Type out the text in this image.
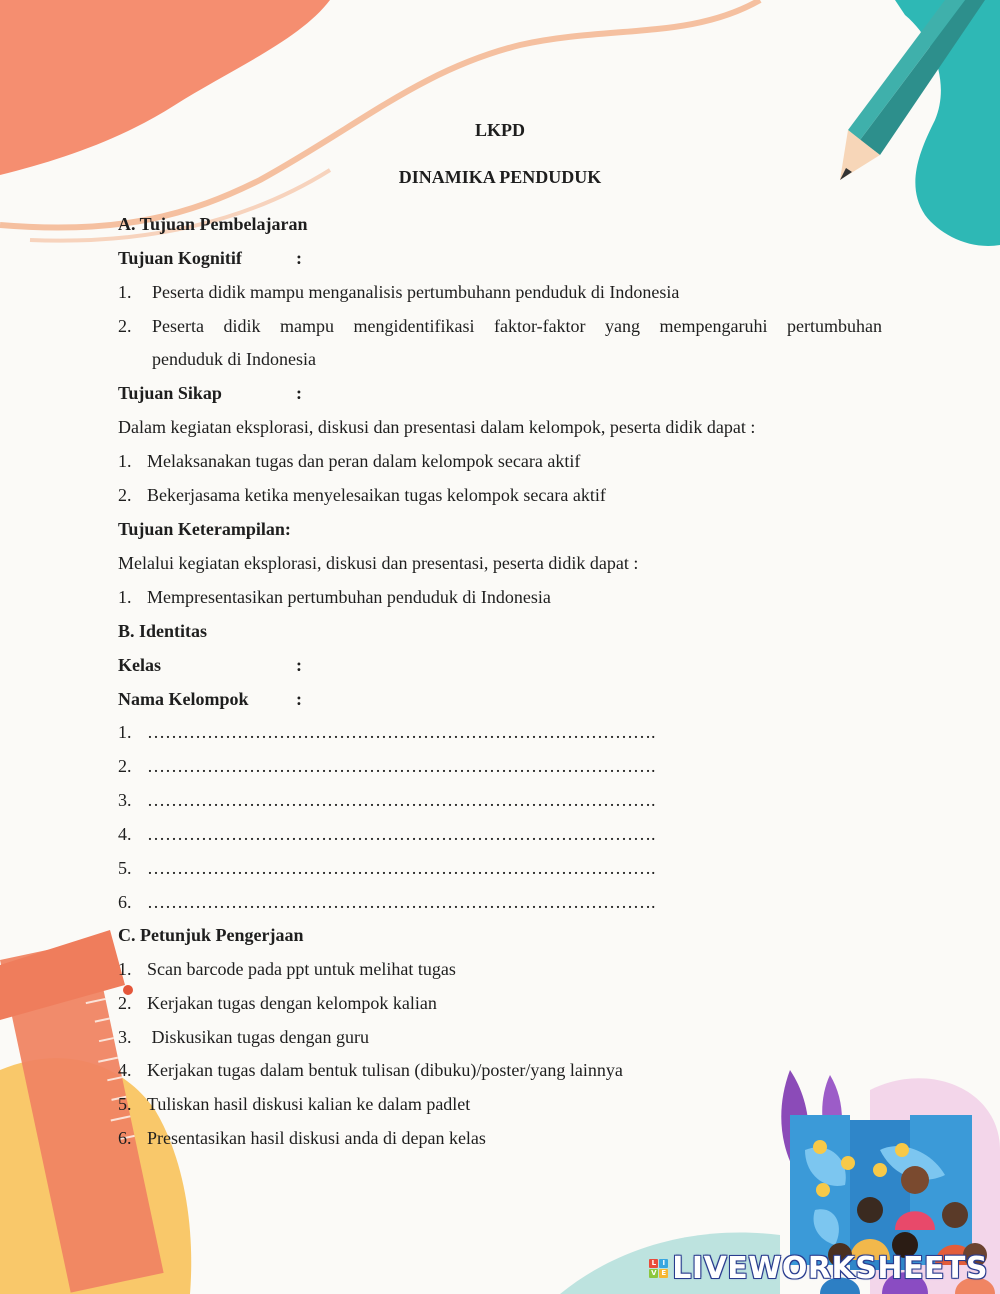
LKPD
DINAMIKA PENDUDUK
A. Tujuan Pembelajaran
Tujuan Kognitif	:
1. Peserta didik mampu menganalisis pertumbuhann penduduk di Indonesia
2. Peserta didik mampu mengidentifikasi faktor-faktor yang mempengaruhi pertumbuhan
penduduk di Indonesia
Tujuan Sikap	:
Dalam kegiatan eksplorasi, diskusi dan presentasi dalam kelompok, peserta didik dapat :
1. Melaksanakan tugas dan peran dalam kelompok secara aktif
2. Bekerjasama ketika menyelesaikan tugas kelompok secara aktif
Tujuan Keterampilan:
Melalui kegiatan eksplorasi, diskusi dan presentasi, peserta didik dapat :
1. Mempresentasikan pertumbuhan penduduk di Indonesia
B. Identitas
Kelas	:
Nama Kelompok	:
1. ………………………………………………………………………….
2. ………………………………………………………………………….
3. ………………………………………………………………………….
4. ………………………………………………………………………….
5. ………………………………………………………………………….
6. ………………………………………………………………………….
C. Petunjuk Pengerjaan
1. Scan barcode pada ppt untuk melihat tugas
2. Kerjakan tugas dengan kelompok kalian
3. Diskusikan tugas dengan guru
4. Kerjakan tugas dalam bentuk tulisan (dibuku)/poster/yang lainnya
5. Tuliskan hasil diskusi kalian ke dalam padlet
6. Presentasikan hasil diskusi anda di depan kelas
L I
V E LIVEWORKSHEETS
